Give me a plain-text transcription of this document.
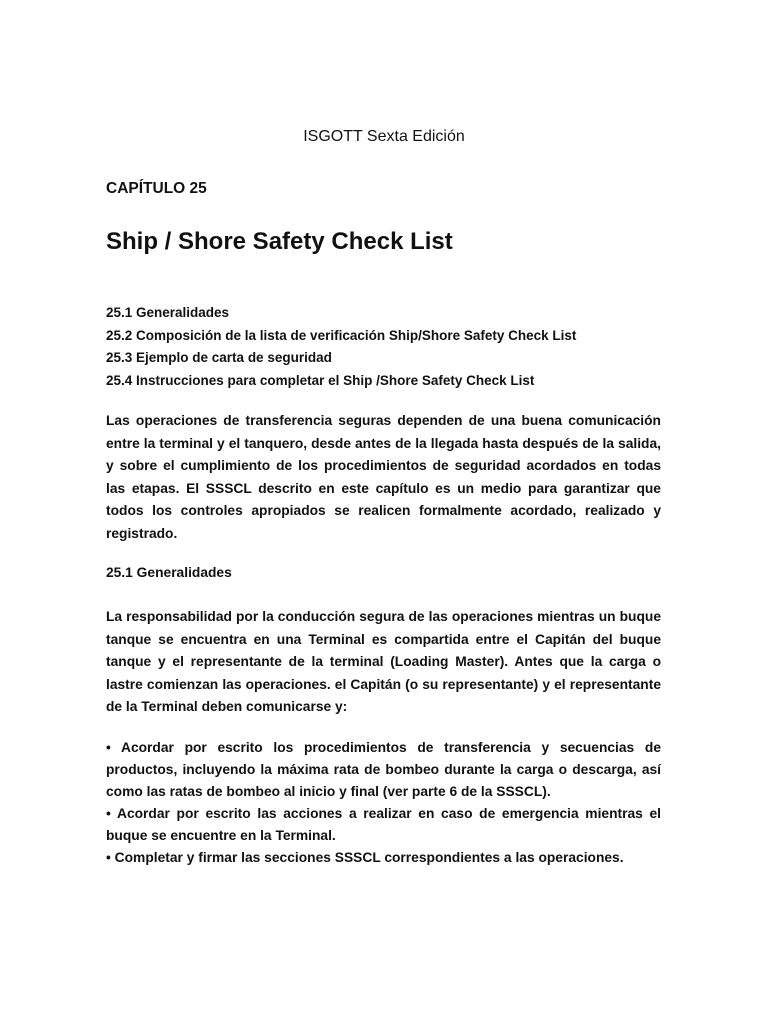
ISGOTT Sexta Edición
CAPÍTULO 25
Ship / Shore Safety Check List
25.1 Generalidades
25.2 Composición de la lista de verificación Ship/Shore Safety Check List
25.3 Ejemplo de carta de seguridad
25.4 Instrucciones para completar el Ship /Shore Safety Check List
Las operaciones de transferencia seguras dependen de una buena comunicación entre la terminal y el tanquero, desde antes de la llegada hasta después de la salida, y sobre el cumplimiento de los procedimientos de seguridad acordados en todas las etapas. El SSSCL descrito en este capítulo es un medio para garantizar que todos los controles apropiados se realicen formalmente acordado, realizado y registrado.
25.1 Generalidades
La responsabilidad por la conducción segura de las operaciones mientras un buque tanque se encuentra en una Terminal es compartida entre el Capitán del buque tanque y el representante de la terminal (Loading Master). Antes que la carga o lastre comienzan las operaciones. el Capitán (o su representante) y el representante de la Terminal deben comunicarse y:

• Acordar por escrito los procedimientos de transferencia y secuencias de productos, incluyendo la máxima rata de bombeo durante la carga o descarga, así como las ratas de bombeo al inicio y final (ver parte 6 de la SSSCL).

• Acordar por escrito las acciones a realizar en caso de emergencia mientras el buque se encuentre en la Terminal.

• Completar y firmar las secciones SSSCL correspondientes a las operaciones.
